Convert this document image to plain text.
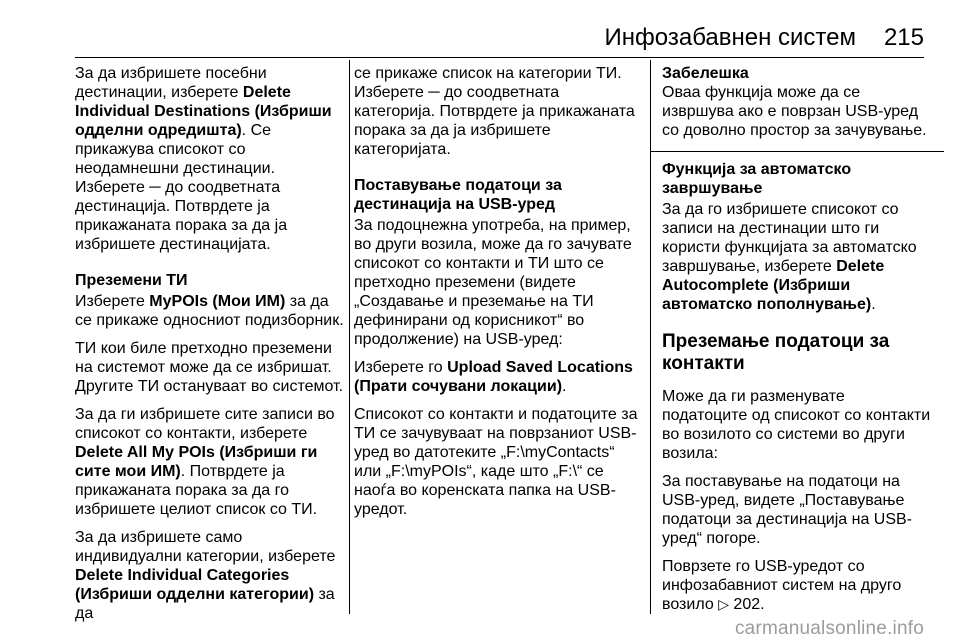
Инфозабавнен систем 215

За да избришете посебни дестинации, изберете Delete Individual Destinations (Избриши одделни одредишта). Се прикажува списокот со неодамнешни дестинации. Изберете ─ до соодветната дестинација. Потврдете ја прикажаната порака за да ја избришете дестинацијата.

Преземени ТИ

Изберете MyPOIs (Мои ИМ) за да се прикаже односниот подизборник.

ТИ кои биле претходно преземени на системот може да се избришат. Другите ТИ остануваат во системот.

За да ги избришете сите записи во списокот со контакти, изберете Delete All My POIs (Избриши ги сите мои ИМ). Потврдете ја прикажаната порака за да го избришете целиот список со ТИ.

За да избришете само индивидуални категории, изберете Delete Individual Categories (Избриши одделни категории) за да

се прикаже список на категории ТИ. Изберете ─ до соодветната категорија. Потврдете ја прикажаната порака за да ја избришете категоријата.

Поставување податоци за дестинација на USB-уред

За подоцнежна употреба, на пример, во други возила, може да го зачувате списокот со контакти и ТИ што се претходно преземени (видете „Создавање и преземање на ТИ дефинирани од корисникот“ во продолжение) на USB-уред:

Изберете го Upload Saved Locations (Прати сочувани локации).

Списокот со контакти и податоците за ТИ се зачувуваат на поврзаниот USB-уред во датотеките „F:\myContacts“ или „F:\myPOIs“, каде што „F:\“ се наоѓа во коренската папка на USB-уредот.

Забелешка
Оваа функција може да се извршува ако е поврзан USB-уред со доволно простор за зачувување.
Функција за автоматско завршување

За да го избришете списокот со записи на дестинации што ги користи функцијата за автоматско завршување, изберете Delete Autocomplete (Избриши автоматско пополнување).

Преземање податоци за контакти

Може да ги разменувате податоците од списокот со контакти во возилото со системи во други возила:

За поставување на податоци на USB-уред, видете „Поставување податоци за дестинација на USB-уред“ погоре.

Поврзете го USB-уредот со инфозабавниот систем на друго возило ▷ 202.

carmanualsonline.info
